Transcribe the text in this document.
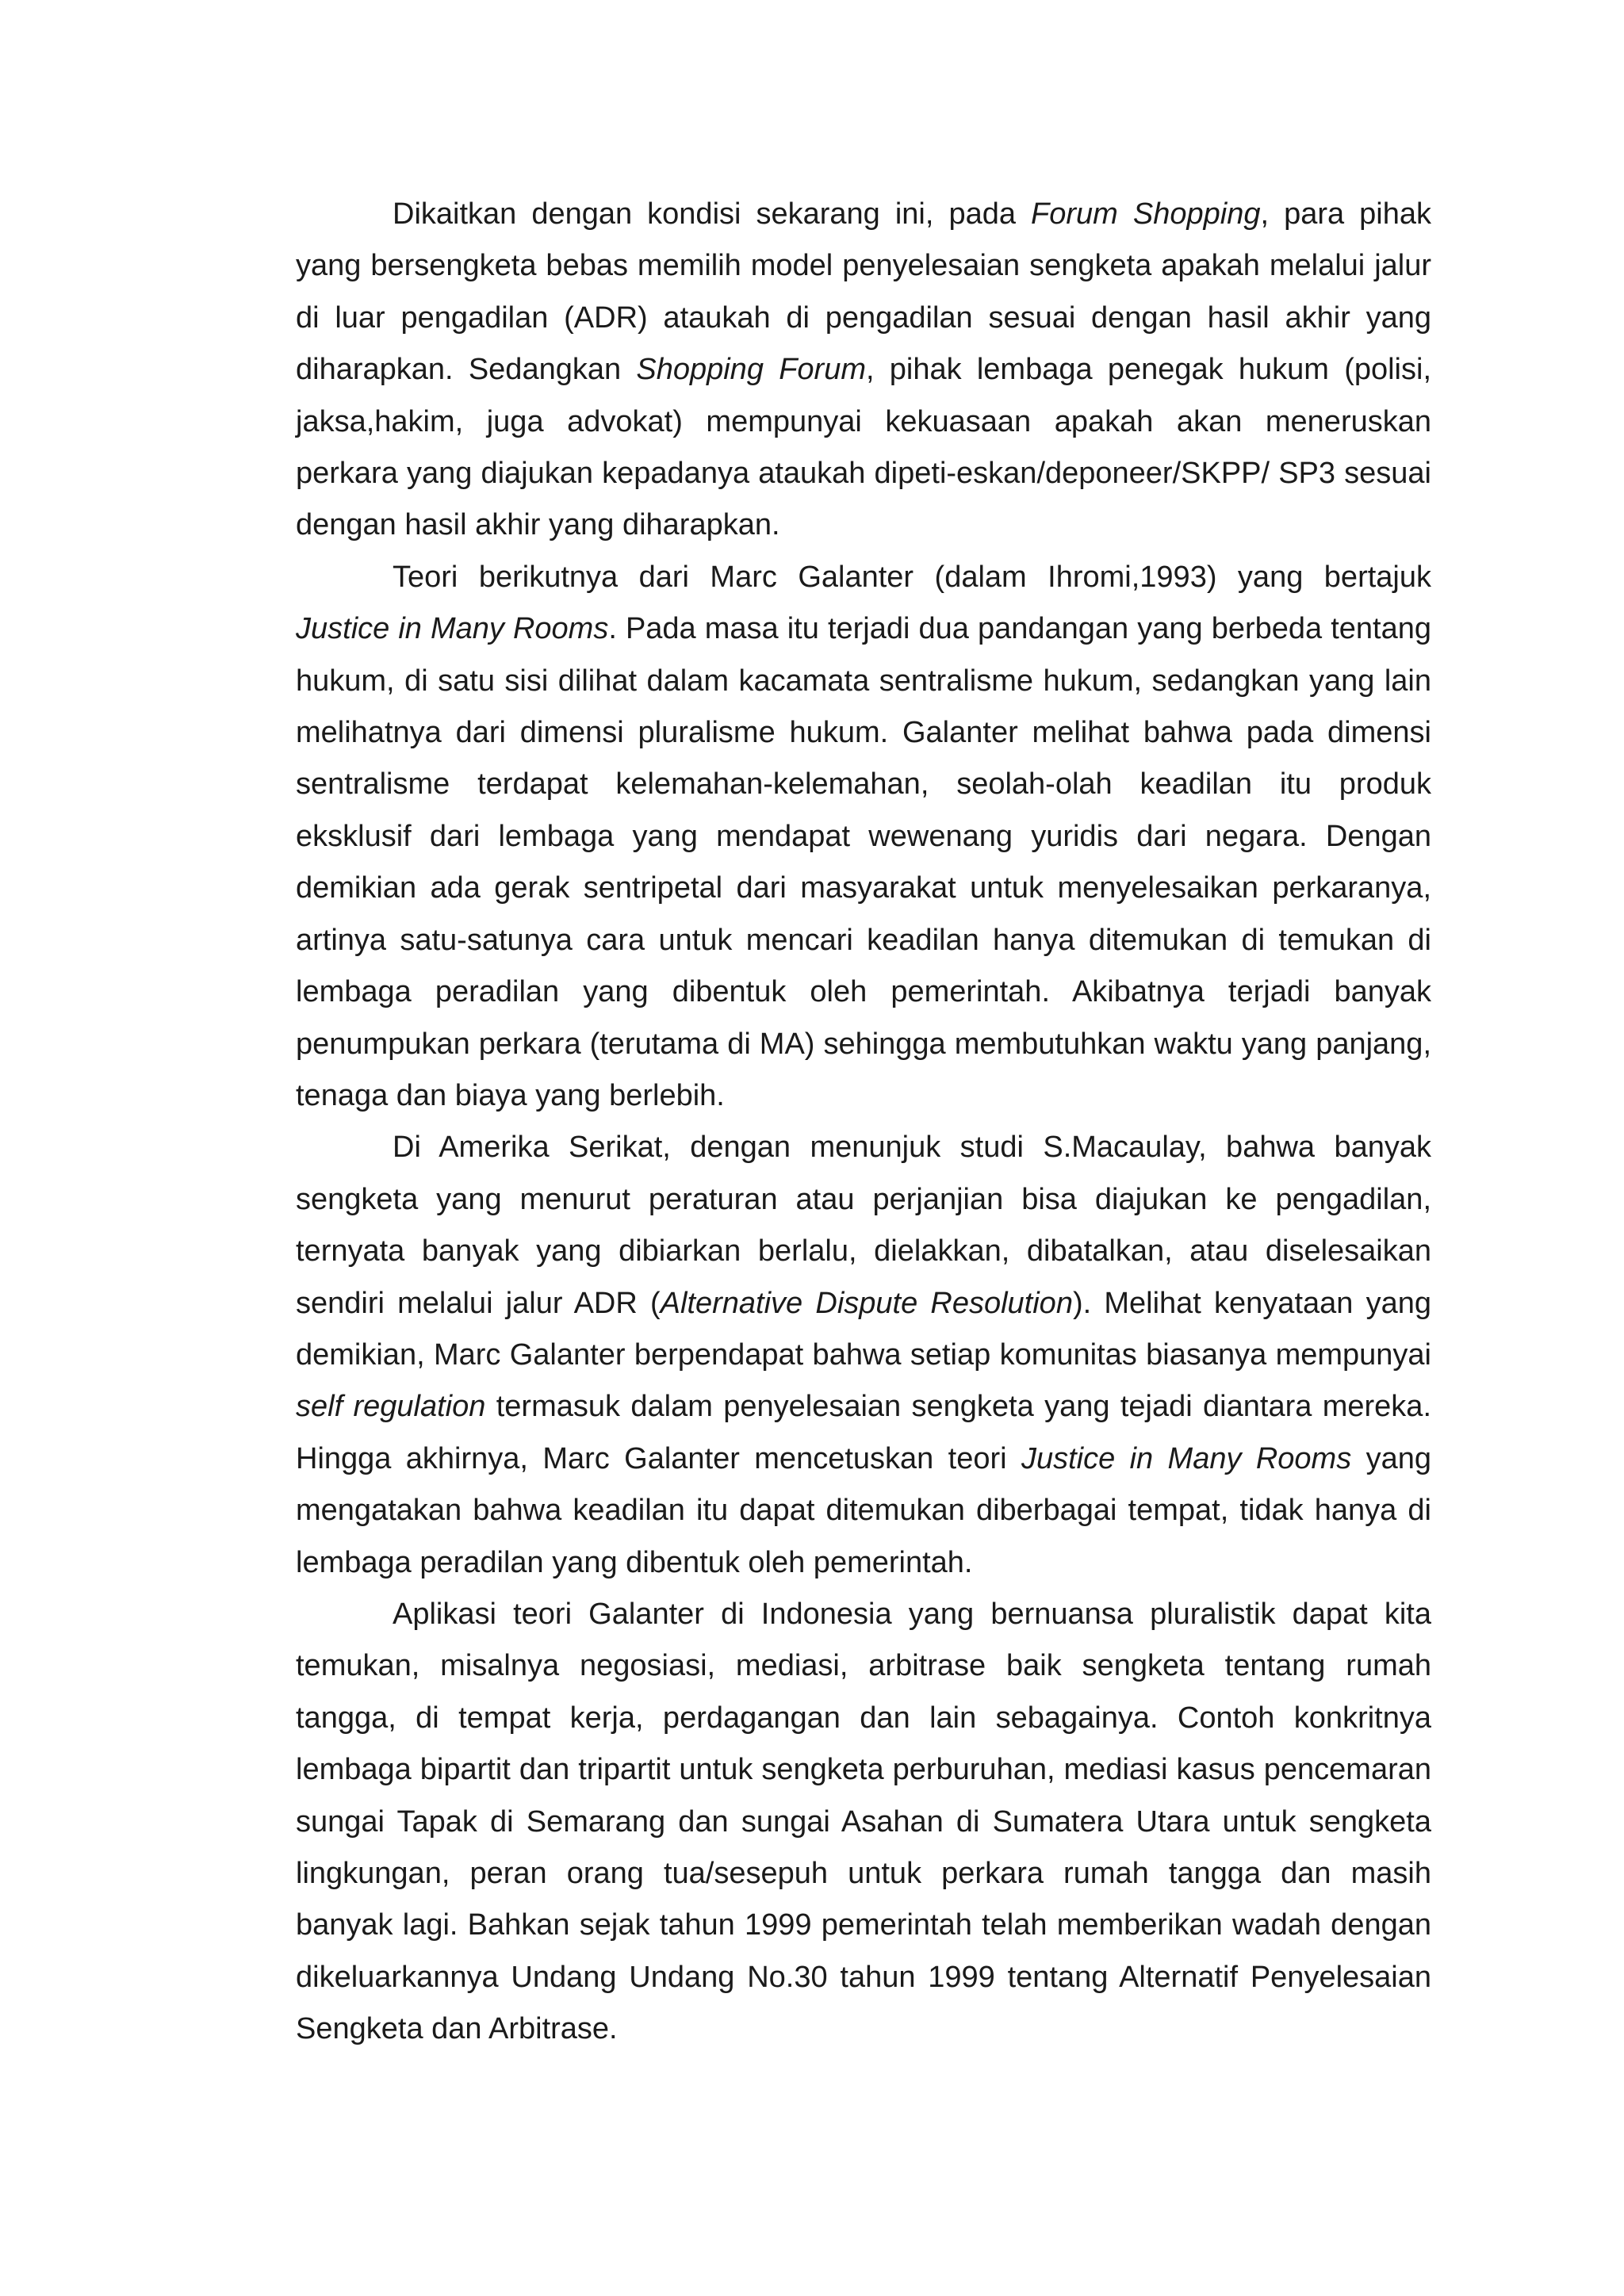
Dikaitkan dengan kondisi sekarang ini, pada Forum Shopping, para pihak yang bersengketa bebas memilih model penyelesaian sengketa apakah melalui jalur di luar pengadilan (ADR) ataukah di pengadilan sesuai dengan hasil akhir yang diharapkan. Sedangkan Shopping Forum, pihak lembaga penegak hukum (polisi, jaksa,hakim, juga advokat) mempunyai kekuasaan apakah akan meneruskan perkara yang diajukan kepadanya ataukah dipeti-eskan/deponeer/SKPP/ SP3 sesuai dengan hasil akhir yang diharapkan.

Teori berikutnya dari Marc Galanter (dalam Ihromi,1993) yang bertajuk Justice in Many Rooms. Pada masa itu terjadi dua pandangan yang berbeda tentang hukum, di satu sisi dilihat dalam kacamata sentralisme hukum, sedangkan yang lain melihatnya dari dimensi pluralisme hukum. Galanter melihat bahwa pada dimensi sentralisme terdapat kelemahan-kelemahan, seolah-olah keadilan itu produk eksklusif dari lembaga yang mendapat wewenang yuridis dari negara. Dengan demikian ada gerak sentripetal dari masyarakat untuk menyelesaikan perkaranya, artinya satu-satunya cara untuk mencari keadilan hanya ditemukan di temukan di lembaga peradilan yang dibentuk oleh pemerintah. Akibatnya terjadi banyak penumpukan perkara (terutama di MA) sehingga membutuhkan waktu yang panjang, tenaga dan biaya yang berlebih.

Di Amerika Serikat, dengan menunjuk studi S.Macaulay, bahwa banyak sengketa yang menurut peraturan atau perjanjian bisa diajukan ke pengadilan, ternyata banyak yang dibiarkan berlalu, dielakkan, dibatalkan, atau diselesaikan sendiri melalui jalur ADR (Alternative Dispute Resolution). Melihat kenyataan yang demikian, Marc Galanter berpendapat bahwa setiap komunitas biasanya mempunyai self regulation termasuk dalam penyelesaian sengketa yang tejadi diantara mereka. Hingga akhirnya, Marc Galanter mencetuskan teori Justice in Many Rooms yang mengatakan bahwa keadilan itu dapat ditemukan diberbagai tempat, tidak hanya di lembaga peradilan yang dibentuk oleh pemerintah.

Aplikasi teori Galanter di Indonesia yang bernuansa pluralistik dapat kita temukan, misalnya negosiasi, mediasi, arbitrase baik sengketa tentang rumah tangga, di tempat kerja, perdagangan dan lain sebagainya. Contoh konkritnya lembaga bipartit dan tripartit untuk sengketa perburuhan, mediasi kasus pencemaran sungai Tapak di Semarang dan sungai Asahan di Sumatera Utara untuk sengketa lingkungan, peran orang tua/sesepuh untuk perkara rumah tangga dan masih banyak lagi. Bahkan sejak tahun 1999 pemerintah telah memberikan wadah dengan dikeluarkannya Undang Undang No.30 tahun 1999 tentang Alternatif Penyelesaian Sengketa dan Arbitrase.
